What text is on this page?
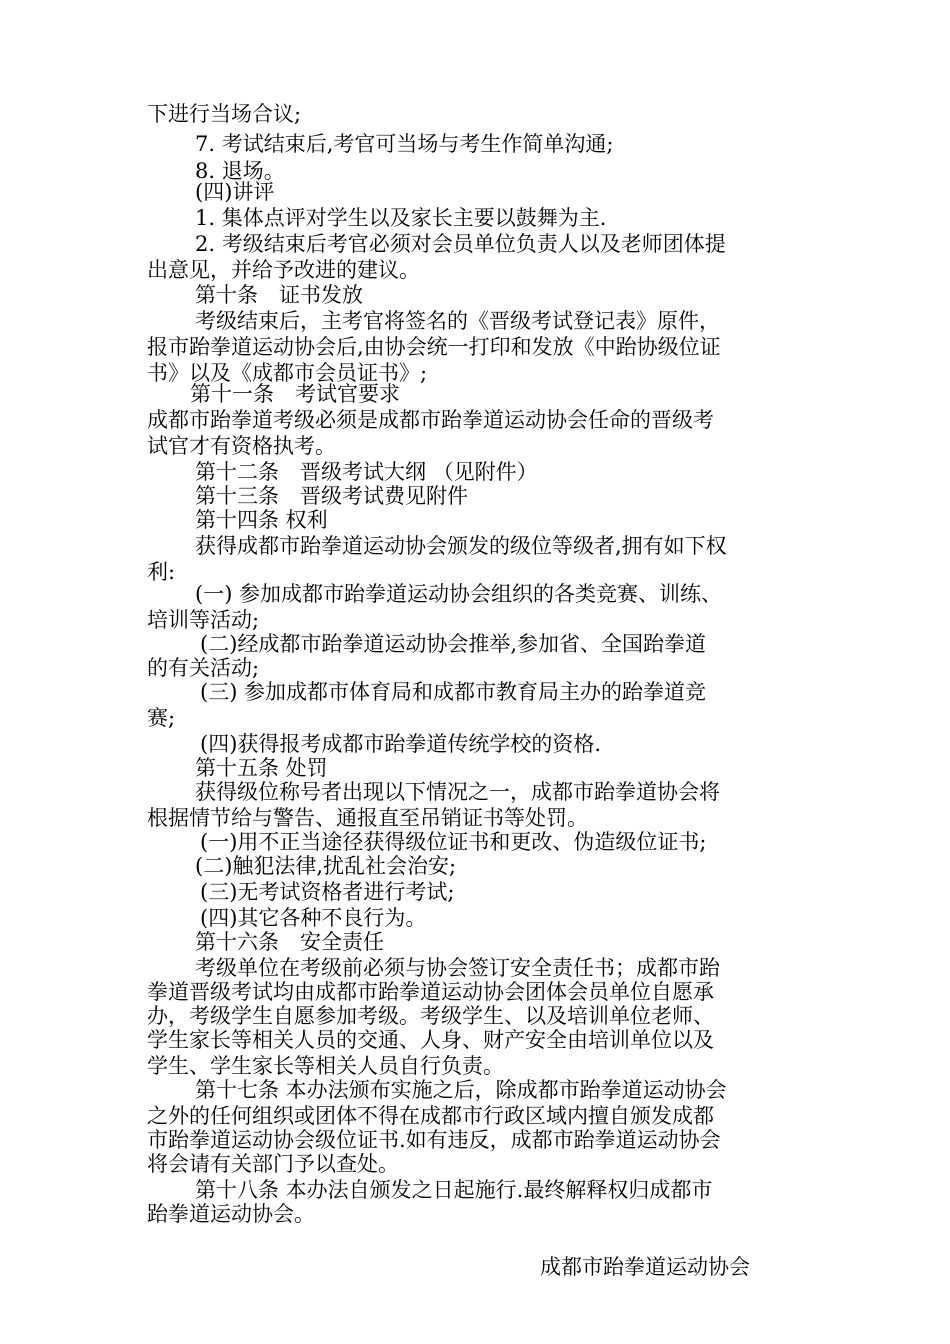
下进行当场合议;

7. 考试结束后,考官可当场与考生作简单沟通;

8. 退场。

(四)讲评

1. 集体点评对学生以及家长主要以鼓舞为主.

2. 考级结束后考官必须对会员单位负责人以及老师团体提

出意见，并给予改进的建议。

第十条　证书发放

考级结束后，主考官将签名的《晋级考试登记表》原件，

报市跆拳道运动协会后,由协会统一打印和发放《中跆协级位证

书》以及《成都市会员证书》;

第十一条　考试官要求

成都市跆拳道考级必须是成都市跆拳道运动协会任命的晋级考

试官才有资格执考。

第十二条　晋级考试大纲 （见附件）

第十三条　晋级考试费见附件

第十四条 权利

获得成都市跆拳道运动协会颁发的级位等级者,拥有如下权

利:

(一) 参加成都市跆拳道运动协会组织的各类竞赛、训练、

培训等活动;

(二)经成都市跆拳道运动协会推举,参加省、全国跆拳道

的有关活动;

(三) 参加成都市体育局和成都市教育局主办的跆拳道竞

赛;

(四)获得报考成都市跆拳道传统学校的资格.

第十五条 处罚

获得级位称号者出现以下情况之一，成都市跆拳道协会将

根据情节给与警告、通报直至吊销证书等处罚。

(一)用不正当途径获得级位证书和更改、伪造级位证书;

(二)触犯法律,扰乱社会治安;

(三)无考试资格者进行考试;

(四)其它各种不良行为。

第十六条　安全责任

考级单位在考级前必须与协会签订安全责任书；成都市跆

拳道晋级考试均由成都市跆拳道运动协会团体会员单位自愿承

办，考级学生自愿参加考级。考级学生、以及培训单位老师、

学生家长等相关人员的交通、人身、财产安全由培训单位以及

学生、学生家长等相关人员自行负责。

第十七条 本办法颁布实施之后，除成都市跆拳道运动协会

之外的任何组织或团体不得在成都市行政区域内擅自颁发成都

市跆拳道运动协会级位证书.如有违反，成都市跆拳道运动协会

将会请有关部门予以查处。

第十八条 本办法自颁发之日起施行.最终解释权归成都市

跆拳道运动协会。

成都市跆拳道运动协会
